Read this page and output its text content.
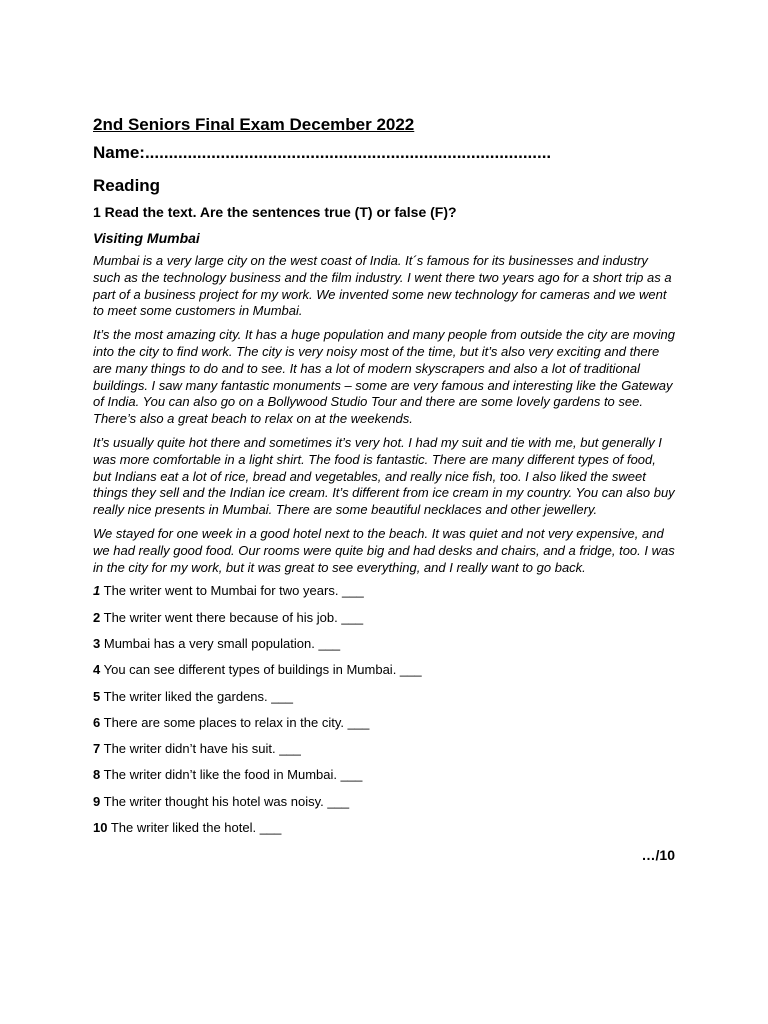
2nd Seniors Final Exam December 2022
Name:......................................................................................
Reading
1 Read the text. Are the sentences true (T) or false (F)?
Visiting Mumbai

Mumbai is a very large city on the west coast of India. It´s famous for its businesses and industry such as the technology business and the film industry. I went there two years ago for a short trip as a part of a business project for my work. We invented some new technology for cameras and we went to meet some customers in Mumbai.

It’s the most amazing city. It has a huge population and many people from outside the city are moving into the city to find work. The city is very noisy most of the time, but it’s also very exciting and there are many things to do and to see. It has a lot of modern skyscrapers and also a lot of traditional buildings. I saw many fantastic monuments – some are very famous and interesting like the Gateway of India. You can also go on a Bollywood Studio Tour and there are some lovely gardens to see. There’s also a great beach to relax on at the weekends.

It’s usually quite hot there and sometimes it’s very hot. I had my suit and tie with me, but generally I was more comfortable in a light shirt. The food is fantastic. There are many different types of food, but Indians eat a lot of rice, bread and vegetables, and really nice fish, too. I also liked the sweet things they sell and the Indian ice cream. It’s different from ice cream in my country. You can also buy really nice presents in Mumbai. There are some beautiful necklaces and other jewellery.

We stayed for one week in a good hotel next to the beach. It was quiet and not very expensive, and we had really good food. Our rooms were quite big and had desks and chairs, and a fridge, too. I was in the city for my work, but it was great to see everything, and I really want to go back.

1 The writer went to Mumbai for two years. ___
2 The writer went there because of his job. ___
3 Mumbai has a very small population. ___
4 You can see different types of buildings in Mumbai. ___
5 The writer liked the gardens. ___
6 There are some places to relax in the city. ___
7 The writer didn’t have his suit. ___
8 The writer didn’t like the food in Mumbai. ___
9 The writer thought his hotel was noisy. ___
10 The writer liked the hotel. ___
…/10
